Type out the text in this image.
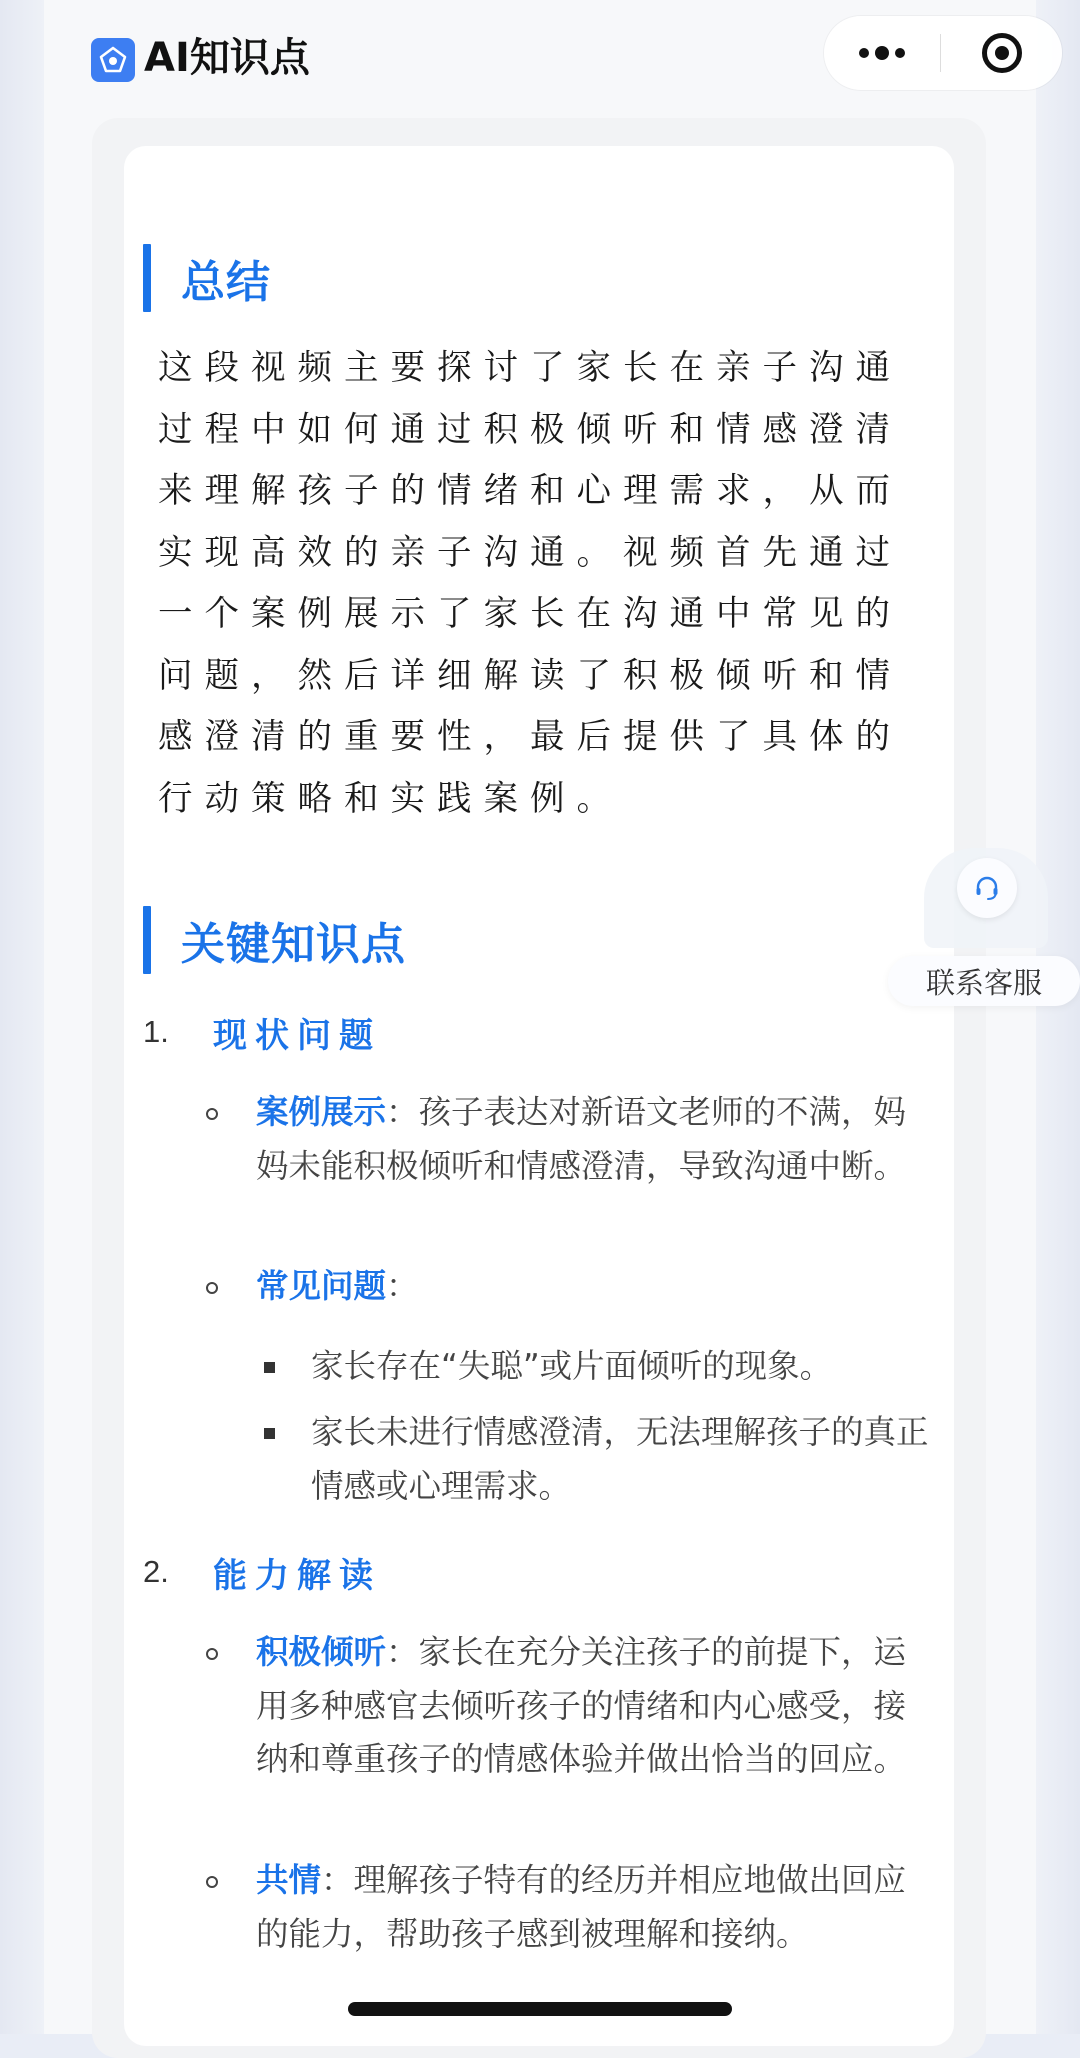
AI知识点
总结
这段视频主要探讨了家长在亲子沟通
过程中如何通过积极倾听和情感澄清
来理解孩子的情绪和心理需求，从而
实现高效的亲子沟通。视频首先通过
一个案例展示了家长在沟通中常见的
问题，然后详细解读了积极倾听和情
感澄清的重要性，最后提供了具体的
行动策略和实践案例。
关键知识点
1.	现状问题
案例展示：孩子表达对新语文老师的不满，妈妈未能积极倾听和情感澄清，导致沟通中断。
常见问题：
家长存在“失聪”或片面倾听的现象。
家长未进行情感澄清，无法理解孩子的真正情感或心理需求。
2.	能力解读
积极倾听：家长在充分关注孩子的前提下，运用多种感官去倾听孩子的情绪和内心感受，接纳和尊重孩子的情感体验并做出恰当的回应。
共情：理解孩子特有的经历并相应地做出回应的能力，帮助孩子感到被理解和接纳。
联系客服
